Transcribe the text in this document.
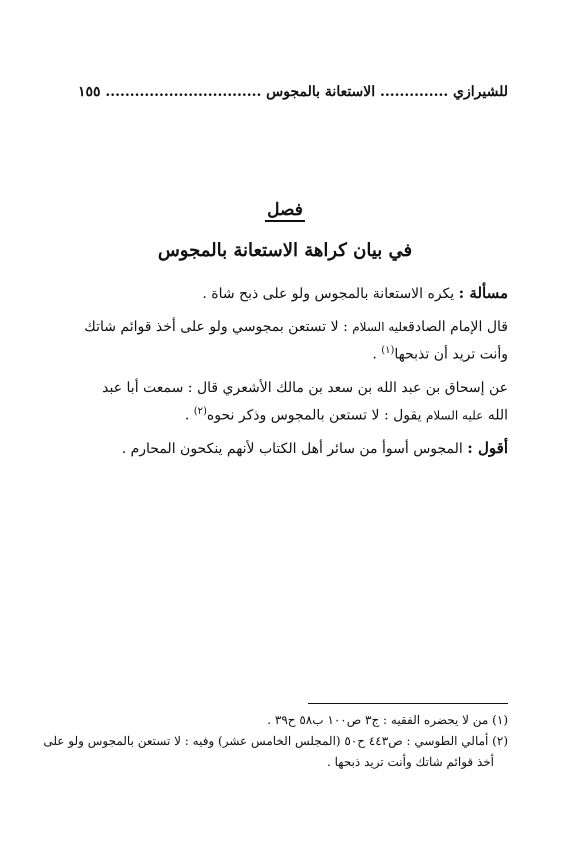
للشيرازي
..............
الاستعانة بالمجوس
................................
١٥٥
فصل
في بيان كراهة الاستعانة بالمجوس
مسألة : يكره الاستعانة بالمجوس ولو على ذبح شاة .
قال الإمام الصادقعليه السلام : لا تستعن بمجوسي ولو على أخذ قوائم شاتك
وأنت تريد أن تذبحها$^{(١)}$ .
عن إسحاق بن عبد الله بن سعد بن مالك الأشعري قال : سمعت أبا عبد
الله عليه السلام يقول : لا تستعن بالمجوس وذكر نحوه$^{(٢)}$ .
أقول : المجوس أسوأ من سائر أهل الكتاب لأنهم ينكحون المحارم .
(١) من لا يحضره الفقيه : ج٣ ص١٠٠ ب٥٨ ح٣٩ .
(٢) أمالي الطوسي : ص٤٤٣ ح٥٠ (المجلس الخامس عشر) وفيه : لا تستعن بالمجوس ولو على
أخذ قوائم شاتك وأنت تريد ذبحها .
